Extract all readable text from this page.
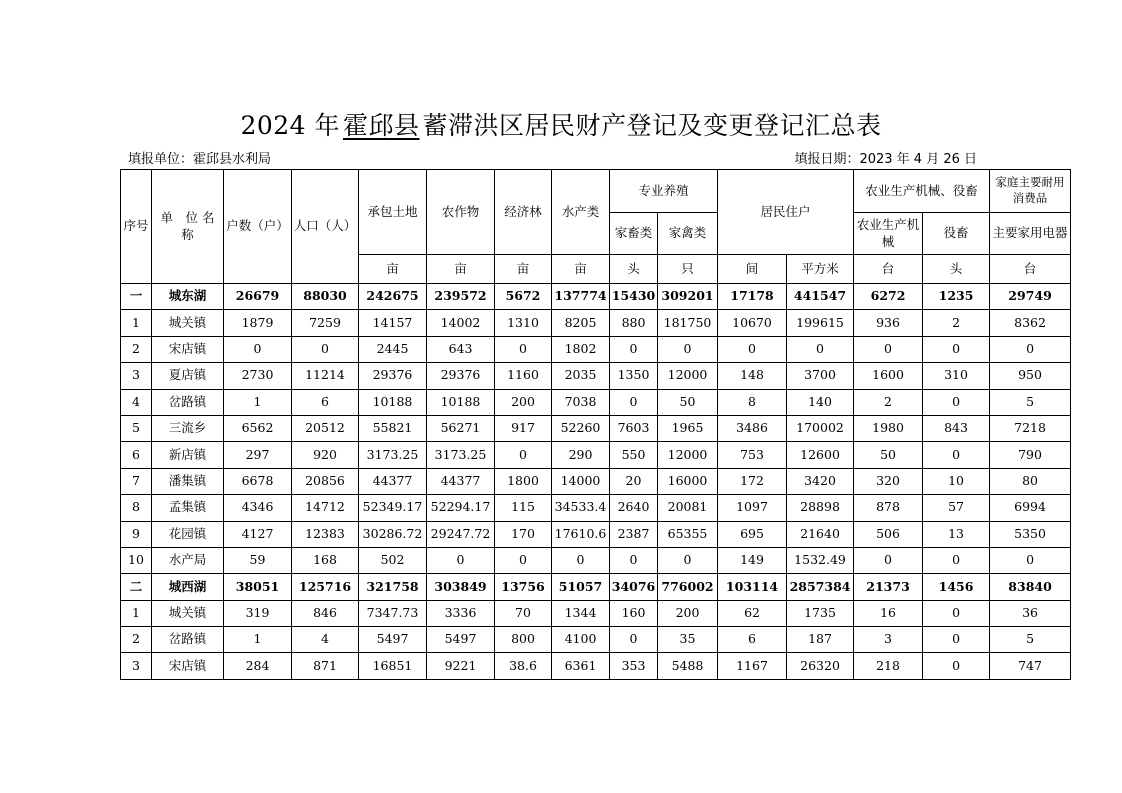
2024 年 霍邱县 蓄滞洪区居民财产登记及变更登记汇总表
填报单位：霍邱县水利局	填报日期：2023 年 4 月 26 日
序号	单　位 名　称	户数（户）	人口（人）	承包土地	农作物	经济林	水产类	专业养殖		居民住户		农业生产机械、役畜		家庭主要耐用消费品
								家畜类	家禽类			农业生产机械	役畜	主要家用电器
				亩	亩	亩	亩	头	只	间	平方米	台	头	台
一	城东湖	26679	88030	242675	239572	5672	137774	15430	309201	17178	441547	6272	1235	29749
1	城关镇	1879	7259	14157	14002	1310	8205	880	181750	10670	199615	936	2	8362
2	宋店镇	0	0	2445	643	0	1802	0	0	0	0	0	0	0
3	夏店镇	2730	11214	29376	29376	1160	2035	1350	12000	148	3700	1600	310	950
4	岔路镇	1	6	10188	10188	200	7038	0	50	8	140	2	0	5
5	三流乡	6562	20512	55821	56271	917	52260	7603	1965	3486	170002	1980	843	7218
6	新店镇	297	920	3173.25	3173.25	0	290	550	12000	753	12600	50	0	790
7	潘集镇	6678	20856	44377	44377	1800	14000	20	16000	172	3420	320	10	80
8	孟集镇	4346	14712	52349.17	52294.17	115	34533.4	2640	20081	1097	28898	878	57	6994
9	花园镇	4127	12383	30286.72	29247.72	170	17610.6	2387	65355	695	21640	506	13	5350
10	水产局	59	168	502	0	0	0	0	0	149	1532.49	0	0	0
二	城西湖	38051	125716	321758	303849	13756	51057	34076	776002	103114	2857384	21373	1456	83840
1	城关镇	319	846	7347.73	3336	70	1344	160	200	62	1735	16	0	36
2	岔路镇	1	4	5497	5497	800	4100	0	35	6	187	3	0	5
3	宋店镇	284	871	16851	9221	38.6	6361	353	5488	1167	26320	218	0	747
